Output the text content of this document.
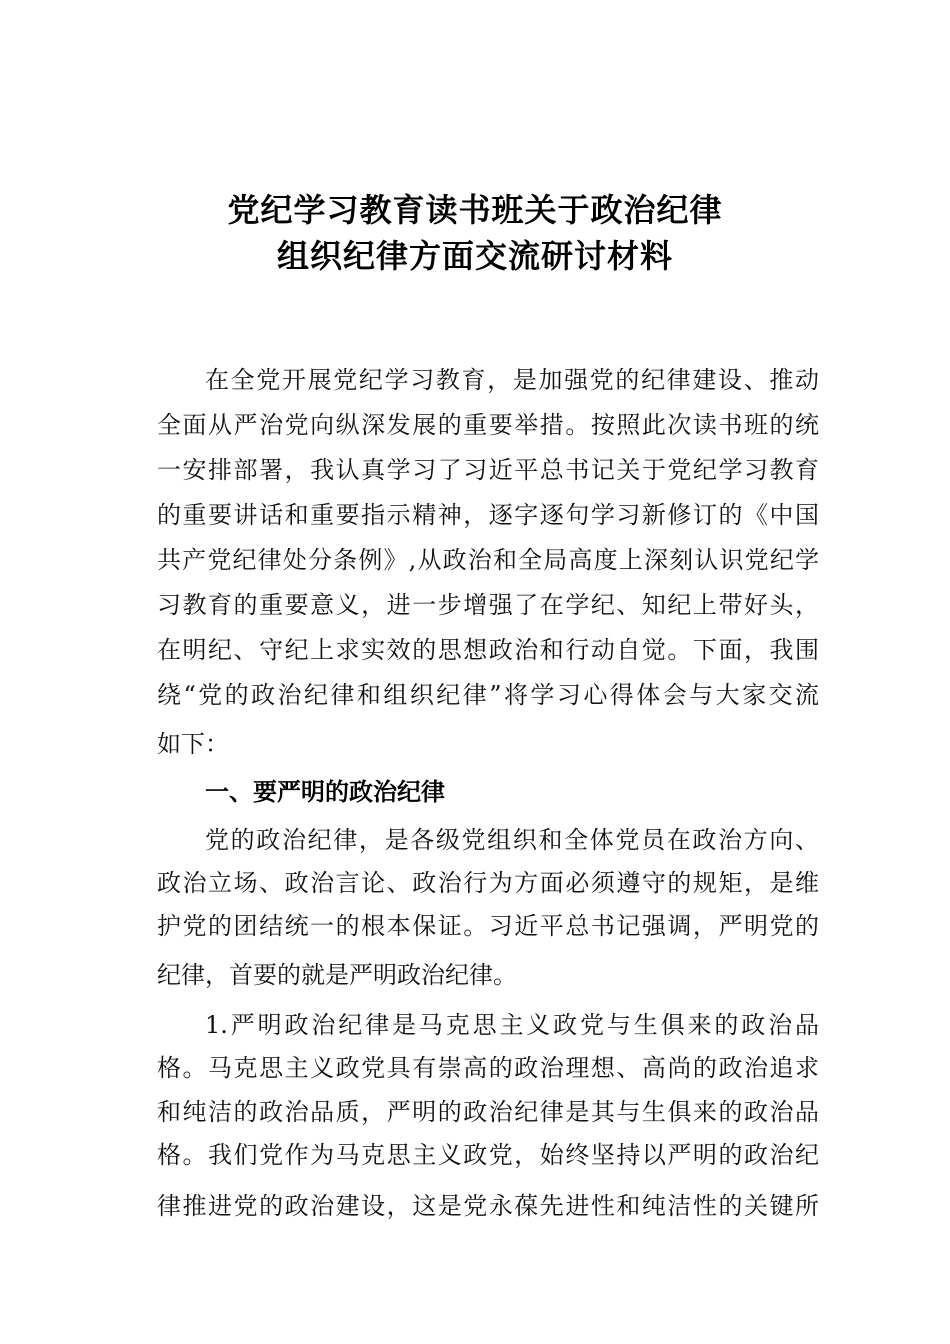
党纪学习教育读书班关于政治纪律
组织纪律方面交流研讨材料
在全党开展党纪学习教育，是加强党的纪律建设、推动
全面从严治党向纵深发展的重要举措。按照此次读书班的统
一安排部署，我认真学习了习近平总书记关于党纪学习教育
的重要讲话和重要指示精神，逐字逐句学习新修订的《中国
共产党纪律处分条例》,从政治和全局高度上深刻认识党纪学
习教育的重要意义，进一步增强了在学纪、知纪上带好头，
在明纪、守纪上求实效的思想政治和行动自觉。下面，我围
绕“党的政治纪律和组织纪律”将学习心得体会与大家交流
如下：
一、要严明的政治纪律
党的政治纪律，是各级党组织和全体党员在政治方向、
政治立场、政治言论、政治行为方面必须遵守的规矩，是维
护党的团结统一的根本保证。习近平总书记强调，严明党的
纪律，首要的就是严明政治纪律。
1.严明政治纪律是马克思主义政党与生俱来的政治品
格。马克思主义政党具有崇高的政治理想、高尚的政治追求
和纯洁的政治品质，严明的政治纪律是其与生俱来的政治品
格。我们党作为马克思主义政党，始终坚持以严明的政治纪
律推进党的政治建设，这是党永葆先进性和纯洁性的关键所
